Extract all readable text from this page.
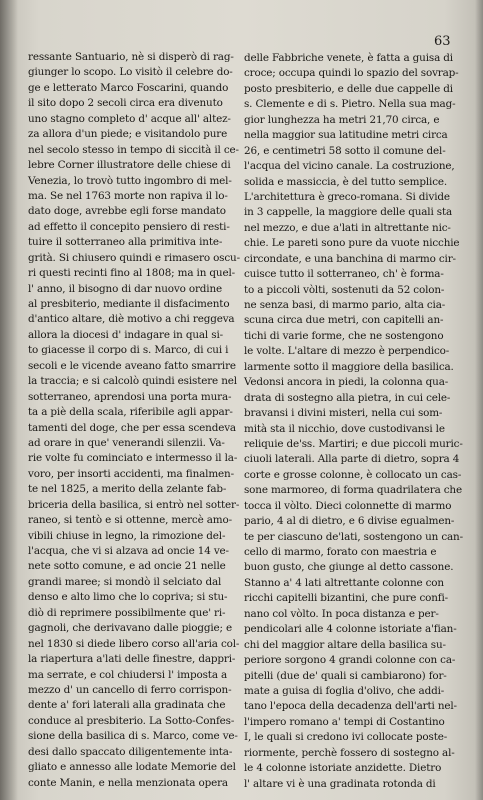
63
ressante Santuario, nè si disperò di rag-
giunger lo scopo. Lo visitò il celebre do-
ge e letterato Marco Foscarini, quando
il sito dopo 2 secoli circa era divenuto
uno stagno completo d' acque all' altez-
za allora d'un piede; e visitandolo pure
nel secolo stesso in tempo di siccità il ce-
lebre Corner illustratore delle chiese di
Venezia, lo trovò tutto ingombro di mel-
ma. Se nel 1763 morte non rapiva il lo-
dato doge, avrebbe egli forse mandato
ad effetto il concepito pensiero di resti-
tuire il sotterraneo alla primitiva inte-
grità. Si chiusero quindi e rimasero oscu-
ri questi recinti fino al 1808; ma in quel-
l' anno, il bisogno di dar nuovo ordine
al presbiterio, mediante il disfacimento
d'antico altare, diè motivo a chi reggeva
allora la diocesi d' indagare in qual si-
to giacesse il corpo di s. Marco, di cui i
secoli e le vicende aveano fatto smarrire
la traccia; e si calcolò quindi esistere nel
sotterraneo, aprendosi una porta mura-
ta a piè della scala, riferibile agli appar-
tamenti del doge, che per essa scendeva
ad orare in que' venerandi silenzii. Va-
rie volte fu cominciato e intermesso il la-
voro, per insorti accidenti, ma finalmen-
te nel 1825, a merito della zelante fab-
briceria della basilica, si entrò nel sotter-
raneo, si tentò e si ottenne, mercè amo-
vibili chiuse in legno, la rimozione del-
l'acqua, che vi si alzava ad oncie 14 ve-
nete sotto comune, e ad oncie 21 nelle
grandi maree; si mondò il selciato dal
denso e alto limo che lo copriva; si stu-
diò di reprimere possibilmente que' ri-
gagnoli, che derivavano dalle pioggie; e
nel 1830 si diede libero corso all'aria col-
la riapertura a'lati delle finestre, dappri-
ma serrate, e col chiudersi l' imposta a
mezzo d' un cancello di ferro corrispon-
dente a' fori laterali alla gradinata che
conduce al presbiterio. La Sotto-Confes-
sione della basilica di s. Marco, come ve-
desi dallo spaccato diligentemente inta-
gliato e annesso alle lodate Memorie del
conte Manin, e nella menzionata opera
delle Fabbriche venete, è fatta a guisa di
croce; occupa quindi lo spazio del sovrap-
posto presbiterio, e delle due cappelle di
s. Clemente e di s. Pietro. Nella sua mag-
gior lunghezza ha metri 21,70 circa, e
nella maggior sua latitudine metri circa
26, e centimetri 58 sotto il comune del-
l'acqua del vicino canale. La costruzione,
solida e massiccia, è del tutto semplice.
L'architettura è greco-romana. Si divide
in 3 cappelle, la maggiore delle quali sta
nel mezzo, e due a'lati in altrettante nic-
chie. Le pareti sono pure da vuote nicchie
circondate, e una banchina di marmo cir-
cuisce tutto il sotterraneo, ch' è forma-
to a piccoli vòlti, sostenuti da 52 colon-
ne senza basi, di marmo pario, alta cia-
scuna circa due metri, con capitelli an-
tichi di varie forme, che ne sostengono
le volte. L'altare di mezzo è perpendico-
larmente sotto il maggiore della basilica.
Vedonsi ancora in piedi, la colonna qua-
drata di sostegno alla pietra, in cui cele-
bravansi i divini misteri, nella cui som-
mità sta il nicchio, dove custodivansi le
reliquie de'ss. Martiri; e due piccoli muric-
ciuoli laterali. Alla parte di dietro, sopra 4
corte e grosse colonne, è collocato un cas-
sone marmoreo, di forma quadrilatera che
tocca il vòlto. Dieci colonnette di marmo
pario, 4 al di dietro, e 6 divise egualmen-
te per ciascuno de'lati, sostengono un can-
cello di marmo, forato con maestria e
buon gusto, che giunge al detto cassone.
Stanno a' 4 lati altrettante colonne con
ricchi capitelli bizantini, che pure confi-
nano col vòlto. In poca distanza e per-
pendicolari alle 4 colonne istoriate a'fian-
chi del maggior altare della basilica su-
periore sorgono 4 grandi colonne con ca-
pitelli (due de' quali si cambiarono) for-
mate a guisa di foglia d'olivo, che addi-
tano l'epoca della decadenza dell'arti nel-
l'impero romano a' tempi di Costantino
I, le quali si credono ivi collocate poste-
riormente, perchè fossero di sostegno al-
le 4 colonne istoriate anzidette. Dietro
l' altare vi è una gradinata rotonda di
